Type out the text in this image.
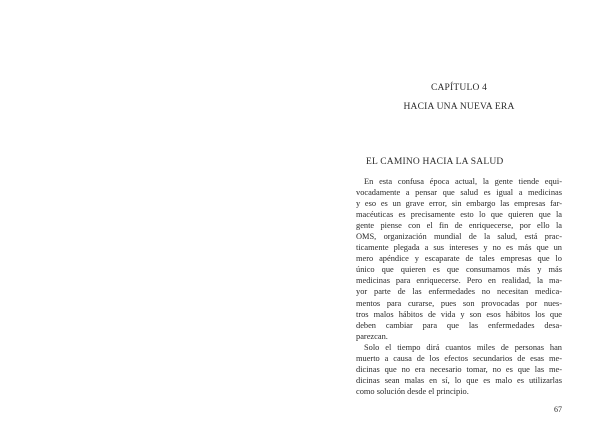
CAPÍTULO 4
HACIA UNA NUEVA ERA
EL CAMINO HACIA LA SALUD

En esta confusa época actual, la gente tiende equi-
vocadamente a pensar que salud es igual a medicinas
y eso es un grave error, sin embargo las empresas far-
macéuticas es precisamente esto lo que quieren que la
gente piense con el fin de enriquecerse, por ello la
OMS, organización mundial de la salud, está prac-
ticamente plegada a sus intereses y no es más que un
mero apéndice y escaparate de tales empresas que lo
único que quieren es que consumamos más y más
medicinas para enriquecerse. Pero en realidad, la ma-
yor parte de las enfermedades no necesitan medica-
mentos para curarse, pues son provocadas por nues-
tros malos hábitos de vida y son esos hábitos los que
deben cambiar para que las enfermedades desa-
parezcan.

Solo el tiempo dirá cuantos miles de personas han
muerto a causa de los efectos secundarios de esas me-
dicinas que no era necesario tomar, no es que las me-
dicinas sean malas en sí, lo que es malo es utilizarlas
como solución desde el principio.

67
